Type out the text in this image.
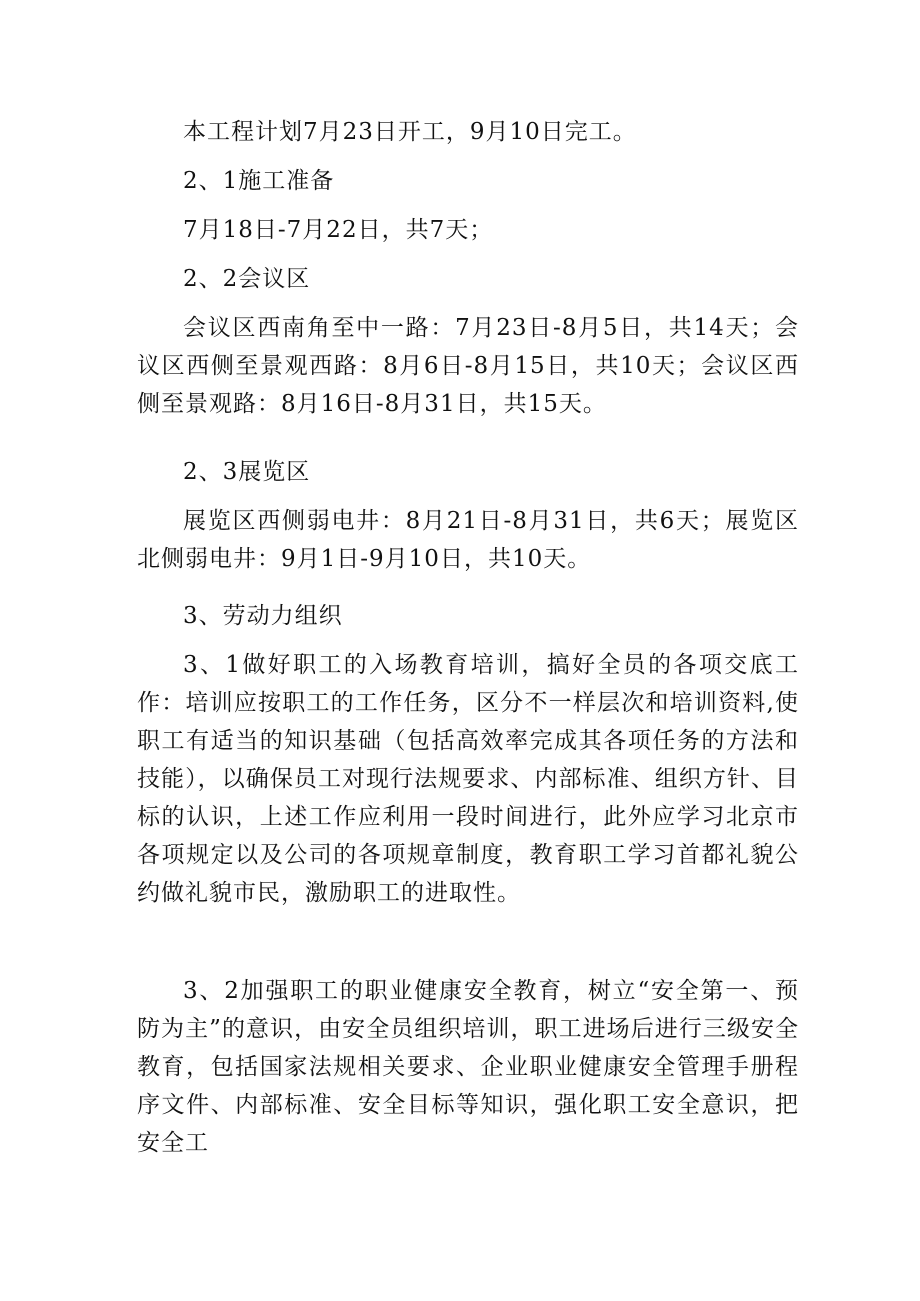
本工程计划7月23日开工，9月10日完工。

2、1施工准备

7月18日-7月22日，共7天；

2、2会议区

会议区西南角至中一路：7月23日-8月5日，共14天；会议区西侧至景观西路：8月6日-8月15日，共10天；会议区西侧至景观路：8月16日-8月31日，共15天。

2、3展览区

展览区西侧弱电井：8月21日-8月31日，共6天；展览区北侧弱电井：9月1日-9月10日，共10天。

3、劳动力组织

3、1做好职工的入场教育培训，搞好全员的各项交底工作：培训应按职工的工作任务，区分不一样层次和培训资料,使职工有适当的知识基础（包括高效率完成其各项任务的方法和技能），以确保员工对现行法规要求、内部标准、组织方针、目标的认识，上述工作应利用一段时间进行，此外应学习北京市各项规定以及公司的各项规章制度，教育职工学习首都礼貌公约做礼貌市民，激励职工的进取性。

3、2加强职工的职业健康安全教育，树立“安全第一、预防为主”的意识，由安全员组织培训，职工进场后进行三级安全教育，包括国家法规相关要求、企业职业健康安全管理手册程序文件、内部标准、安全目标等知识，强化职工安全意识，把安全工
